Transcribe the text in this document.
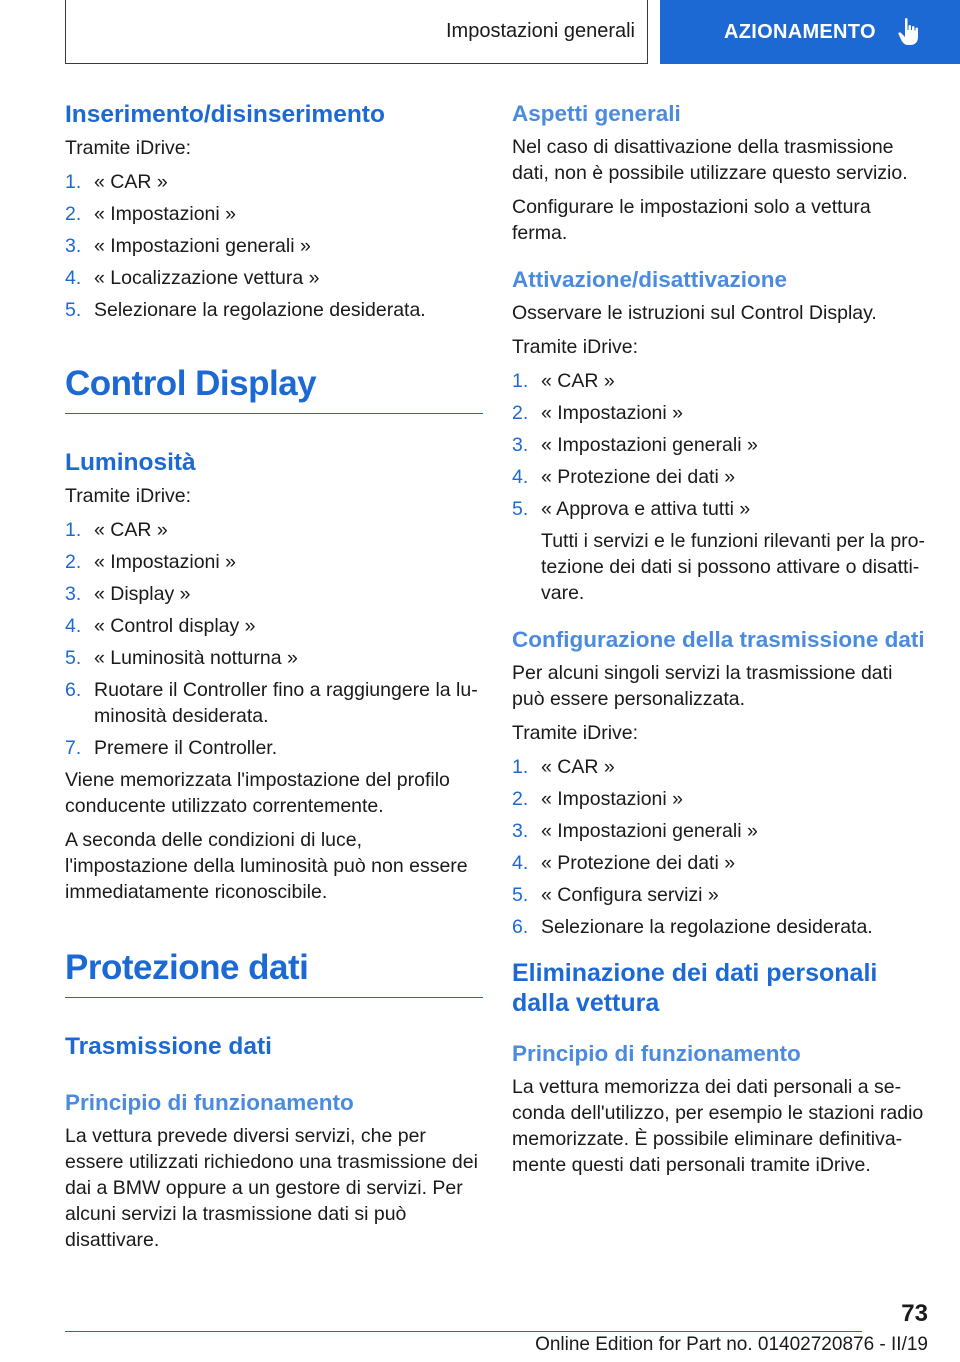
Impostazioni generali	AZIONAMENTO
Inserimento/disinserimento

Tramite iDrive:

1. « CAR »
2. « Impostazioni »
3. « Impostazioni generali »
4. « Localizzazione vettura »
5. Selezionare la regolazione desiderata.
Control Display
Luminosità

Tramite iDrive:

1. « CAR »
2. « Impostazioni »
3. « Display »
4. « Control display »
5. « Luminosità notturna »
6. Ruotare il Controller fino a raggiungere la lu-minosità desiderata.
7. Premere il Controller.

Viene memorizzata l'impostazione del profilo conducente utilizzato correntemente.

A seconda delle condizioni di luce, l'impostazione della luminosità può non essere immediatamente riconoscibile.

Protezione dati
Trasmissione dati
Principio di funzionamento

La vettura prevede diversi servizi, che per essere utilizzati richiedono una trasmissione dei dai a BMW oppure a un gestore di servizi. Per alcuni servizi la trasmissione dati si può disattivare.

Aspetti generali

Nel caso di disattivazione della trasmissione dati, non è possibile utilizzare questo servizio.

Configurare le impostazioni solo a vettura ferma.

Attivazione/disattivazione

Osservare le istruzioni sul Control Display.

Tramite iDrive:

1. « CAR »
2. « Impostazioni »
3. « Impostazioni generali »
4. « Protezione dei dati »
5. « Approva e attiva tutti »

Tutti i servizi e le funzioni rilevanti per la pro-tezione dei dati si possono attivare o disatti-vare.

Configurazione della trasmissione dati

Per alcuni singoli servizi la trasmissione dati può essere personalizzata.

Tramite iDrive:

1. « CAR »
2. « Impostazioni »
3. « Impostazioni generali »
4. « Protezione dei dati »
5. « Configura servizi »
6. Selezionare la regolazione desiderata.
Eliminazione dei dati personali dalla vettura
Principio di funzionamento

La vettura memorizza dei dati personali a se-conda dell'utilizzo, per esempio le stazioni radio memorizzate. È possibile eliminare definitiva-mente questi dati personali tramite iDrive.

73
Online Edition for Part no. 01402720876 - II/19
